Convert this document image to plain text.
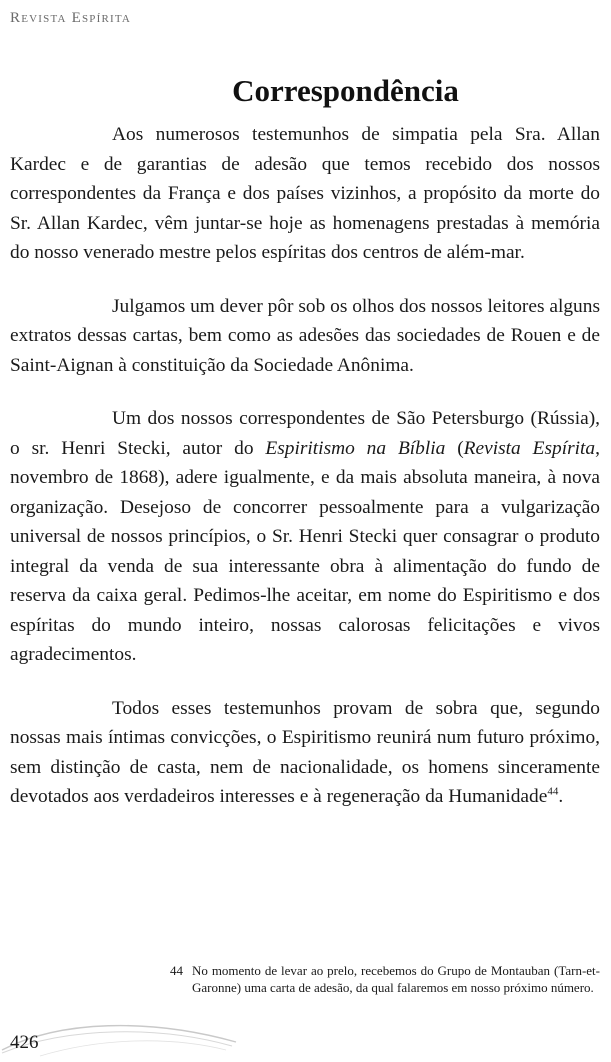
Revista Espírita
Correspondência

Aos numerosos testemunhos de simpatia pela Sra. Allan Kardec e de garantias de adesão que temos recebido dos nossos correspondentes da França e dos países vizinhos, a propósito da morte do Sr. Allan Kardec, vêm juntar-se hoje as homenagens prestadas à memória do nosso venerado mestre pelos espíritas dos centros de além-mar.

Julgamos um dever pôr sob os olhos dos nossos leitores alguns extratos dessas cartas, bem como as adesões das sociedades de Rouen e de Saint-Aignan à constituição da Sociedade Anônima.

Um dos nossos correspondentes de São Petersburgo (Rússia), o sr. Henri Stecki, autor do Espiritismo na Bíblia (Revista Espírita, novembro de 1868), adere igualmente, e da mais absoluta maneira, à nova organização. Desejoso de concorrer pessoalmente para a vulgarização universal de nossos princípios, o Sr. Henri Stecki quer consagrar o produto integral da venda de sua interessante obra à alimentação do fundo de reserva da caixa geral. Pedimos-lhe aceitar, em nome do Espiritismo e dos espíritas do mundo inteiro, nossas calorosas felicitações e vivos agradecimentos.

Todos esses testemunhos provam de sobra que, segundo nossas mais íntimas convicções, o Espiritismo reunirá num futuro próximo, sem distinção de casta, nem de nacionalidade, os homens sinceramente devotados aos verdadeiros interesses e à regeneração da Humanidade$^{44}$.

44 No momento de levar ao prelo, recebemos do Grupo de Montauban (Tarn-et-Garonne) uma carta de adesão, da qual falaremos em nosso próximo número.
426
